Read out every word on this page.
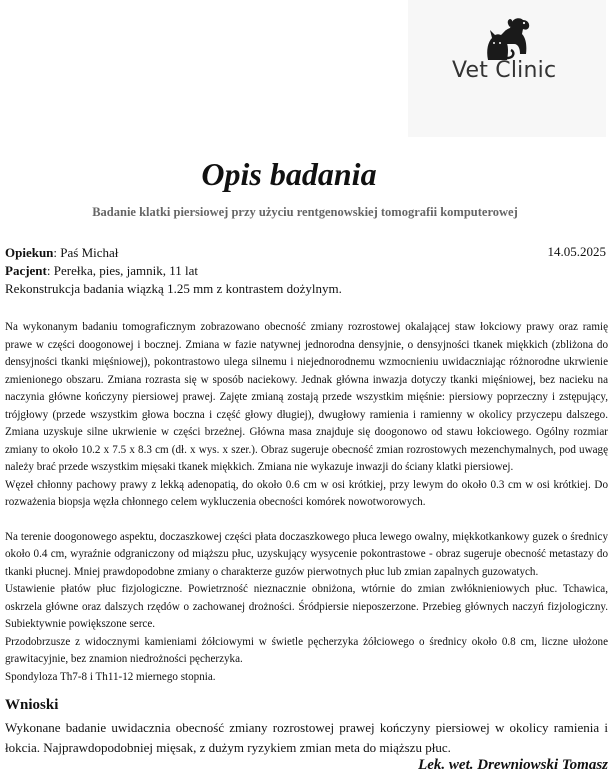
Vet Clinic
Opis badania
Badanie klatki piersiowej przy użyciu rentgenowskiej tomografii komputerowej
Opiekun: Paś Michał	14.05.2025
Pacjent: Perełka, pies, jamnik, 11 lat
Rekonstrukcja badania wiązką 1.25 mm z kontrastem dożylnym.

Na wykonanym badaniu tomograficznym zobrazowano obecność zmiany rozrostowej okalającej staw łokciowy prawy oraz ramię prawe w części doogonowej i bocznej. Zmiana w fazie natywnej jednorodna densyjnie, o densyjności tkanek miękkich (zbliżona do densyjności tkanki mięśniowej), pokontrastowo ulega silnemu i niejednorodnemu wzmocnieniu uwidaczniając różnorodne ukrwienie zmienionego obszaru. Zmiana rozrasta się w sposób naciekowy. Jednak główna inwazja dotyczy tkanki mięśniowej, bez nacieku na naczynia główne kończyny piersiowej prawej. Zajęte zmianą zostają przede wszystkim mięśnie: piersiowy poprzeczny i zstępujący, trójgłowy (przede wszystkim głowa boczna i część głowy długiej), dwugłowy ramienia i ramienny w okolicy przyczepu dalszego. Zmiana uzyskuje silne ukrwienie w części brzeżnej. Główna masa znajduje się doogonowo od stawu łokciowego. Ogólny rozmiar zmiany to około 10.2 x 7.5 x 8.3 cm (dł. x wys. x szer.). Obraz sugeruje obecność zmian rozrostowych mezenchymalnych, pod uwagę należy brać przede wszystkim mięsaki tkanek miękkich. Zmiana nie wykazuje inwazji do ściany klatki piersiowej.

Węzeł chłonny pachowy prawy z lekką adenopatią, do około 0.6 cm w osi krótkiej, przy lewym do około 0.3 cm w osi krótkiej. Do rozważenia biopsja węzła chłonnego celem wykluczenia obecności komórek nowotworowych.

Na terenie doogonowego aspektu, doczaszkowej części płata doczaszkowego płuca lewego owalny, miękkotkankowy guzek o średnicy około 0.4 cm, wyraźnie odgraniczony od miąższu płuc, uzyskujący wysycenie pokontrastowe - obraz sugeruje obecność metastazy do tkanki płucnej. Mniej prawdopodobne zmiany o charakterze guzów pierwotnych płuc lub zmian zapalnych guzowatych.

Ustawienie płatów płuc fizjologiczne. Powietrzność nieznacznie obniżona, wtórnie do zmian zwłóknieniowych płuc. Tchawica, oskrzela główne oraz dalszych rzędów o zachowanej drożności. Śródpiersie nieposzerzone. Przebieg głównych naczyń fizjologiczny. Subiektywnie powiększone serce.

Przodobrzusze z widocznymi kamieniami żółciowymi w świetle pęcherzyka żółciowego o średnicy około 0.8 cm, liczne ułożone grawitacyjnie, bez znamion niedrożności pęcherzyka.

Spondyloza Th7-8 i Th11-12 miernego stopnia.

Wnioski
Wykonane badanie uwidacznia obecność zmiany rozrostowej prawej kończyny piersiowej w okolicy ramienia i łokcia. Najprawdopodobniej mięsak, z dużym ryzykiem zmian meta do miąższu płuc.
Lek. wet. Drewniowski Tomasz
